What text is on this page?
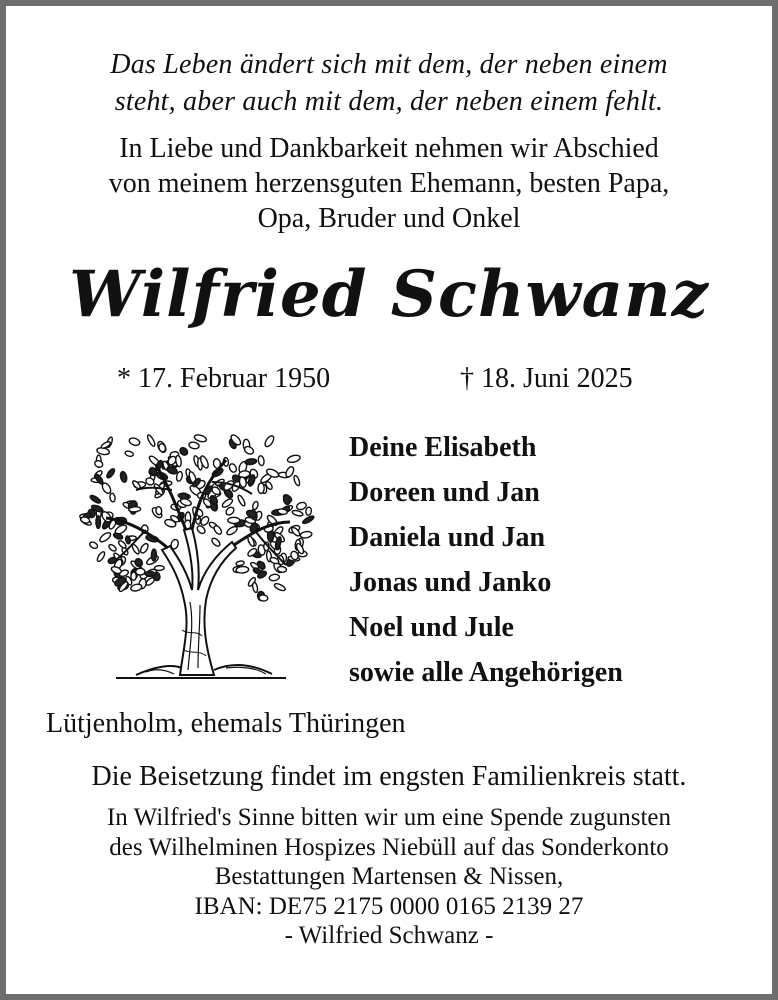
Das Leben ändert sich mit dem, der neben einem
steht, aber auch mit dem, der neben einem fehlt.
In Liebe und Dankbarkeit nehmen wir Abschied
von meinem herzensguten Ehemann, besten Papa,
Opa, Bruder und Onkel
Wilfried Schwanz
* 17. Februar 1950	† 18. Juni 2025
Deine Elisabeth
Doreen und Jan
Daniela und Jan
Jonas und Janko
Noel und Jule
sowie alle Angehörigen
Lütjenholm, ehemals Thüringen
Die Beisetzung findet im engsten Familienkreis statt.
In Wilfried's Sinne bitten wir um eine Spende zugunsten
des Wilhelminen Hospizes Niebüll auf das Sonderkonto
Bestattungen Martensen & Nissen,
IBAN: DE75 2175 0000 0165 2139 27
- Wilfried Schwanz -
